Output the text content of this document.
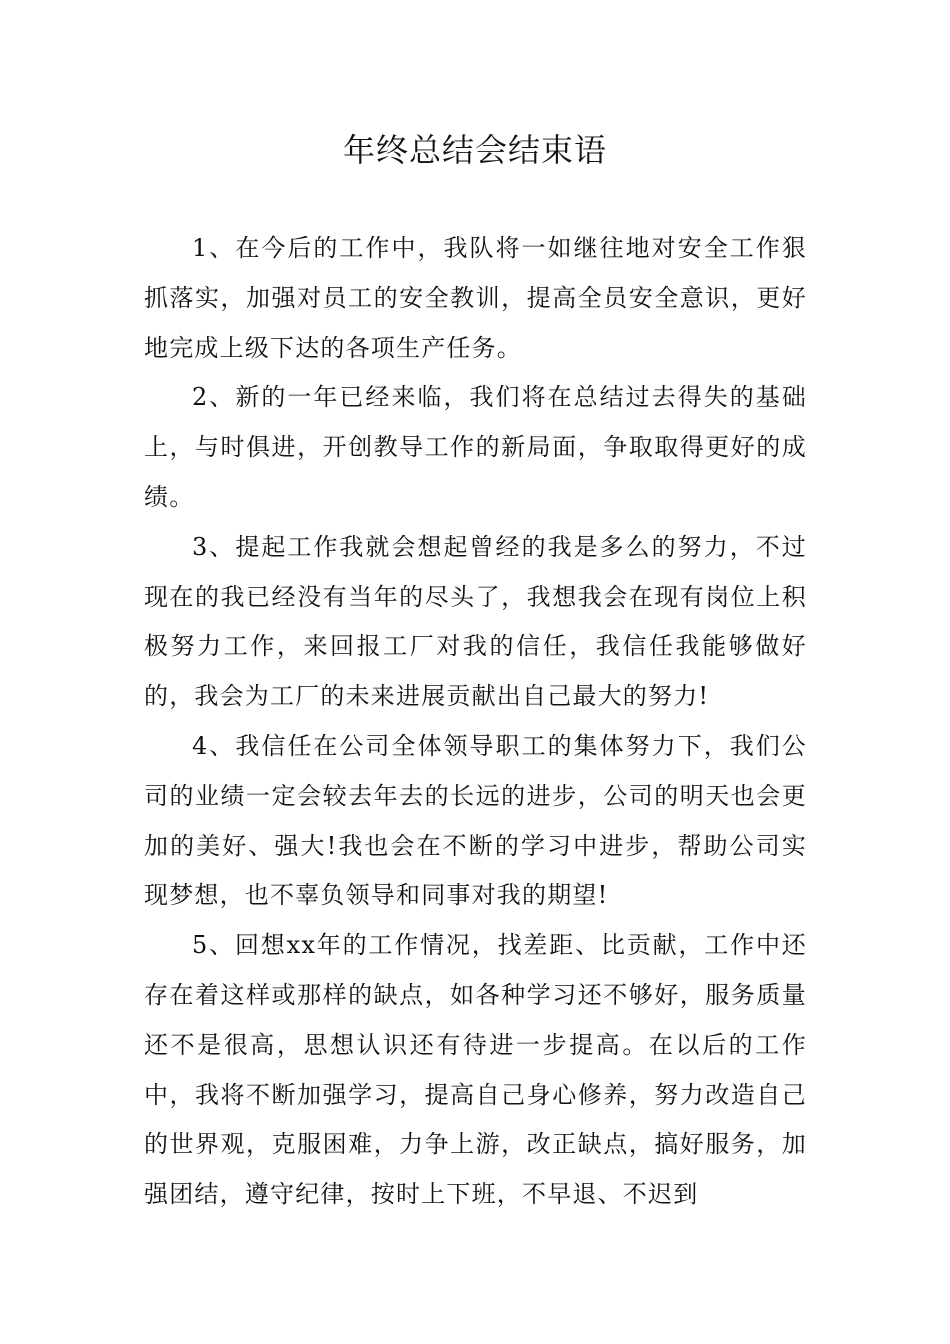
年终总结会结束语

1、在今后的工作中，我队将一如继往地对安全工作狠抓落实，加强对员工的安全教训，提高全员安全意识，更好地完成上级下达的各项生产任务。

2、新的一年已经来临，我们将在总结过去得失的基础上，与时俱进，开创教导工作的新局面，争取取得更好的成绩。

3、提起工作我就会想起曾经的我是多么的努力，不过现在的我已经没有当年的尽头了，我想我会在现有岗位上积极努力工作，来回报工厂对我的信任，我信任我能够做好的，我会为工厂的未来进展贡献出自己最大的努力!

4、我信任在公司全体领导职工的集体努力下，我们公司的业绩一定会较去年去的长远的进步，公司的明天也会更加的美好、强大!我也会在不断的学习中进步，帮助公司实现梦想，也不辜负领导和同事对我的期望!

5、回想xx年的工作情况，找差距、比贡献，工作中还存在着这样或那样的缺点，如各种学习还不够好，服务质量还不是很高，思想认识还有待进一步提高。在以后的工作中，我将不断加强学习，提高自己身心修养，努力改造自己的世界观，克服困难，力争上游，改正缺点，搞好服务，加强团结，遵守纪律，按时上下班，不早退、不迟到
